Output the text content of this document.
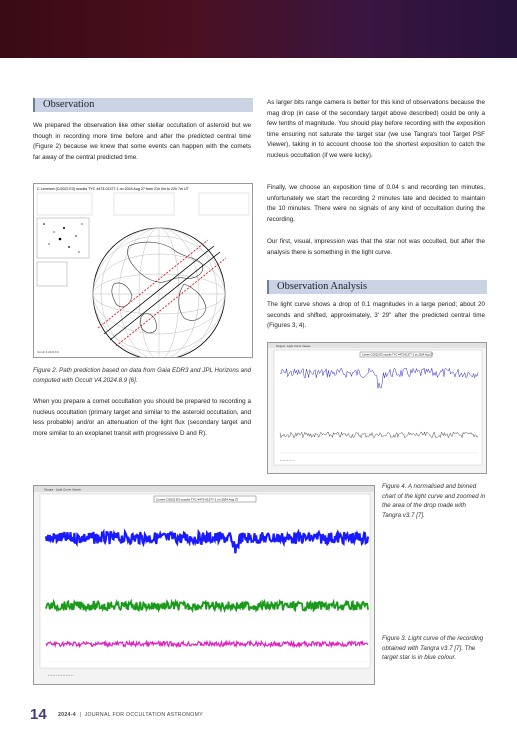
Observation
We prepared the observation like other stellar occultation of asteroid but we though in recording more time before and after the predicted central time (Figure 2) because we knew that some events can happen with the comets far away of the central predicted time.
C Lemmon (C/2022 E3) occults TYC 4473-01377-1 on 2024 Aug 27 from 21h 0m to 22h 7m UT
Occult 4.2024.8.9
Figure 2. Path prediction based on data from Gaia EDR3 and JPL Horizons and computed with Occult V4.2024.8.9 [6].
When you prepare a comet occultation you should be prepared to recording a nucleus occultation (primary target and similar to the asteroid occultation, and less probable) and/or an attenuation of the light flux (secondary target and more similar to an exoplanet transit with progressive D and R).
As larger bits range camera is better for this kind of observations because the mag drop (in case of the secondary target above described) could be only a few tenths of magnitude. You should play before recording with the exposition time ensuring not saturate the target star (we use Tangra's tool Target PSF Viewer), taking in to account choose too the shortest exposition to catch the nucleus occultation (if we were lucky).
Finally, we choose an exposition time of 0.04 s and recording ten minutes, unfortunately we start the recording 2 minutes late and decided to maintain the 10 minutes. There were no signals of any kind of occultation during the recording.
Our first, visual, impression was that the star not was occulted, but after the analysis there is something in the light curve.
Observation Analysis
The light curve shows a drop of 0.1 magnitudes in a large period; about 20 seconds and shifted, approximately, 3' 29" after the predicted central time (Figures 3, 4).
Tangra - Light Curve Viewer
Comet C/2022 E3 occults TYC 4473-01377-1 on 2024 Aug 27
▪ ▪ ▪ ▪ ▪ ▪ ▪ ▪ ▪ ▪
Figure 4. A normalised and binned chart of the light curve and zoomed in the area of the drop made with Tangra v3.7 [7].
Tangra - Light Curve Viewer
Comet C/2022 E3 occults TYC 4473-01377-1 on 2024 Aug 27
▪ ▪ ▪ ▪ ▪ ▪ ▪ ▪ ▪ ▪ ▪ ▪ ▪ ▪ ▪ ▪
Figure 3. Light curve of the recording obtained with Tangra v3.7 [7]. The target star is in blue colour.
14 2024-4  |  JOURNAL FOR OCCULTATION ASTRONOMY
